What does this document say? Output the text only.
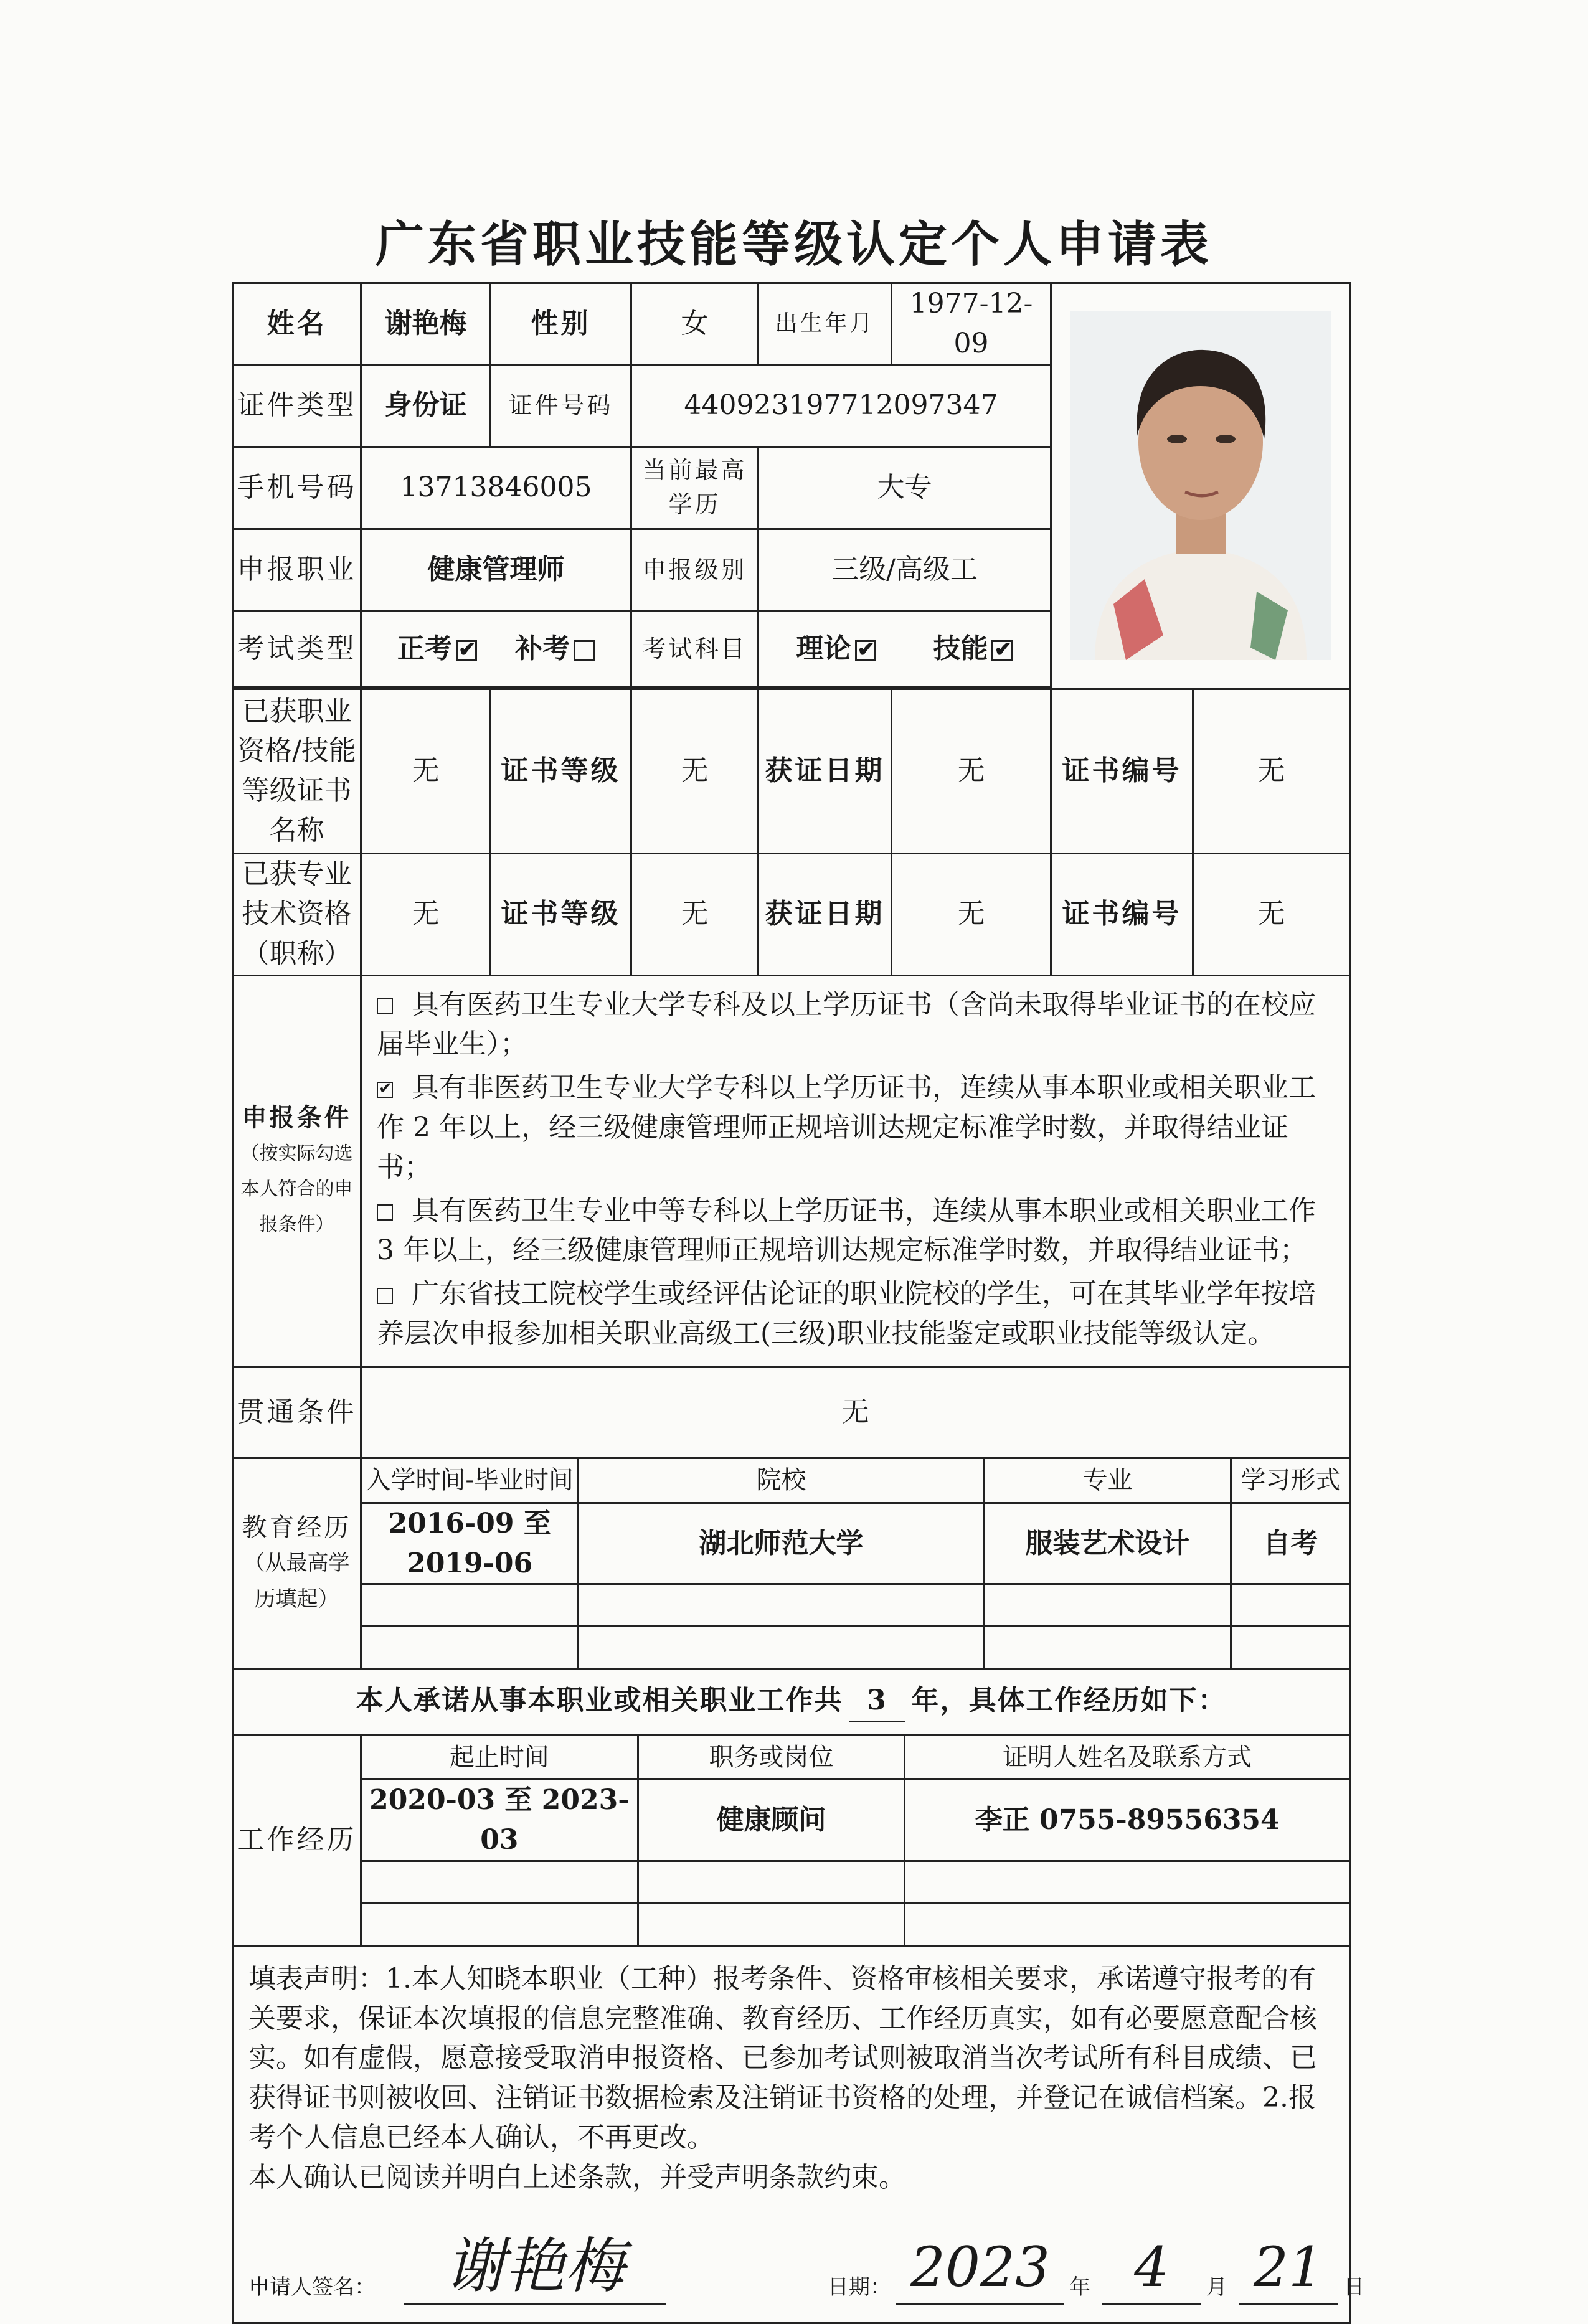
广东省职业技能等级认定个人申请表
姓名	谢艳梅	性别	女	出生年月	1977-12-09	

证件类型	身份证	证件号码	440923197712097347
手机号码	13713846005	当前最高学历	大专
申报职业	健康管理师	申报级别	三级/高级工
考试类型	正考 ✔ 补考	考试科目	理论 ✔	技能✔

已获职业资格/技能等级证书名称	无	证书等级	无	获证日期	无	证书编号	无
已获专业技术资格（职称）	无	证书等级	无	获证日期	无	证书编号	无

申报条件
（按实际勾选本人符合的申报条件）

具有医药卫生专业大学专科及以上学历证书（含尚未取得毕业证书的在校应届毕业生）；
✔具有非医药卫生专业大学专科以上学历证书，连续从事本职业或相关职业工作 2 年以上，经三级健康管理师正规培训达规定标准学时数，并取得结业证书；
具有医药卫生专业中等专科以上学历证书，连续从事本职业或相关职业工作 3 年以上，经三级健康管理师正规培训达规定标准学时数，并取得结业证书；
广东省技工院校学生或经评估论证的职业院校的学生，可在其毕业学年按培养层次申报参加相关职业高级工(三级)职业技能鉴定或职业技能等级认定。

贯通条件	无

教育经历
（从最高学历填起）

入学时间-毕业时间	院校	专业	学习形式
2016-09 至 2019-06	湖北师范大学	服装艺术设计	自考

本人承诺从事本职业或相关职业工作共 3 年，具体工作经历如下：
工作经历	
起止时间	职务或岗位	证明人姓名及联系方式
2020-03 至 2023-03	健康顾问	李正 0755-89556354

填表声明：1.本人知晓本职业（工种）报考条件、资格审核相关要求，承诺遵守报考的有关要求，保证本次填报的信息完整准确、教育经历、工作经历真实，如有必要愿意配合核实。如有虚假，愿意接受取消申报资格、已参加考试则被取消当次考试所有科目成绩、已获得证书则被收回、注销证书数据检索及注销证书资格的处理，并登记在诚信档案。2.报考个人信息已经本人确认，不再更改。
本人确认已阅读并明白上述条款，并受声明条款约束。
申请人签名：	谢艳梅	日期： 2023 年 4	月 21 日
